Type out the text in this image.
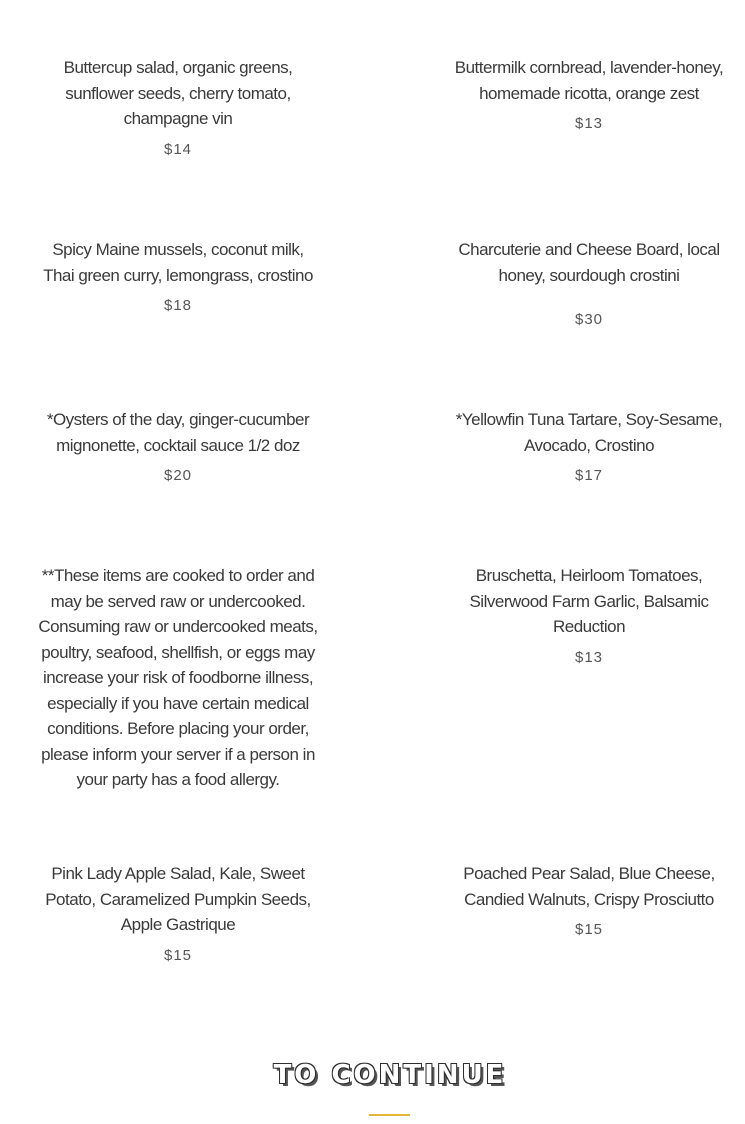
Buttercup salad, organic greens, sunflower seeds, cherry tomato, champagne vin
$14
Buttermilk cornbread, lavender-honey, homemade ricotta, orange zest
$13
Spicy Maine mussels, coconut milk, Thai green curry, lemongrass, crostino
$18
Charcuterie and Cheese Board, local honey, sourdough crostini
$30
*Oysters of the day, ginger-cucumber mignonette, cocktail sauce 1/2 doz
$20
*Yellowfin Tuna Tartare, Soy-Sesame, Avocado, Crostino
$17
**These items are cooked to order and may be served raw or undercooked. Consuming raw or undercooked meats, poultry, seafood, shellfish, or eggs may increase your risk of foodborne illness, especially if you have certain medical conditions. Before placing your order, please inform your server if a person in your party has a food allergy.
Bruschetta, Heirloom Tomatoes, Silverwood Farm Garlic, Balsamic Reduction
$13
Pink Lady Apple Salad, Kale, Sweet Potato, Caramelized Pumpkin Seeds, Apple Gastrique
$15
Poached Pear Salad, Blue Cheese, Candied Walnuts, Crispy Prosciutto
$15
TO CONTINUE
